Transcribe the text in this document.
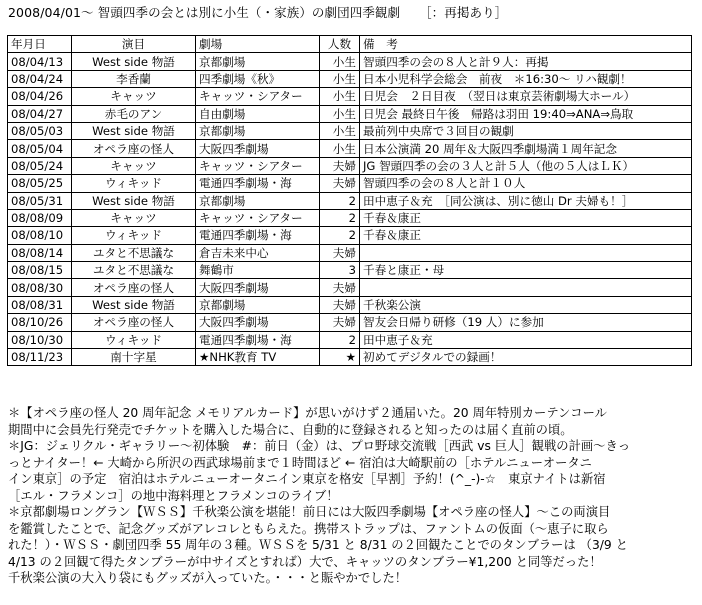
2008/04/01～ 智頭四季の会とは別に小生（・家族）の劇団四季観劇　　［：再掲あり］
年月日	演目	劇場	人数	備　考
08/04/13	West side 物語	京都劇場	小生	智頭四季の会の８人と計９人：再掲
08/04/24	李香蘭	四季劇場《秋》	小生	日本小児科学会総会　前夜　＊16:30～ リハ観劇！
08/04/26	キャッツ	キャッツ・シアター	小生	日児会　２日目夜　（翌日は東京芸術劇場大ホール）
08/04/27	赤毛のアン	自由劇場	小生	日児会 最終日午後　帰路は羽田 19:40⇒ANA⇒鳥取
08/05/03	West side 物語	京都劇場	小生	最前列中央席で３回目の観劇
08/05/04	オペラ座の怪人	大阪四季劇場	小生	日本公演満 20 周年＆大阪四季劇場満１周年記念
08/05/24	キャッツ	キャッツ・シアター	夫婦	JG 智頭四季の会の３人と計５人（他の５人はＬＫ）
08/05/25	ウィキッド	電通四季劇場・海	夫婦	智頭四季の会の８人と計１０人
08/05/31	West side 物語	京都劇場	2	田中恵子＆充　［同公演は、別に徳山 Dr 夫婦も！］
08/08/09	キャッツ	キャッツ・シアター	2	千春＆康正
08/08/10	ウィキッド	電通四季劇場・海	2	千春＆康正
08/08/14	ユタと不思議な	倉吉未来中心	夫婦	
08/08/15	ユタと不思議な	舞鶴市	3	千春と康正・母
08/08/30	オペラ座の怪人	大阪四季劇場	夫婦	
08/08/31	West side 物語	京都劇場	夫婦	千秋楽公演
08/10/26	オペラ座の怪人	大阪四季劇場	夫婦	智友会日帰り研修（19 人）に参加
08/10/30	ウィキッド	電通四季劇場・海	2	田中恵子＆充
08/11/23	南十字星	★NHK教育 TV	★	初めてデジタルでの録画！

＊【オペラ座の怪人 20 周年記念 メモリアルカード】が思いがけず２通届いた。20 周年特別カーテンコール

期間中に会員先行発売でチケットを購入した場合に、自動的に登録されると知ったのは届く直前の頃。

＊JG：ジェリクル・ギャラリー～初体験　#：前日（金）は、プロ野球交流戦［西武 vs 巨人］観戦の計画～きっ

っとナイター！← 大崎から所沢の西武球場前まで１時間ほど ← 宿泊は大崎駅前の［ホテルニューオータニ

イン東京］の予定　宿泊はホテルニューオータニイン東京を格安［早割］予約！(^_-)-☆　東京ナイトは新宿

［エル・フラメンコ］の地中海料理とフラメンコのライブ！

＊京都劇場ロングラン【ＷＳＳ】千秋楽公演を堪能！前日には大阪四季劇場【オペラ座の怪人】～この両演目

を鑑賞したことで、記念グッズがアレコレともらえた。携帯ストラップは、ファントムの仮面（～恵子に取ら

れた！）・ＷＳＳ・劇団四季 55 周年の３種。ＷＳＳを 5/31 と 8/31 の２回観たことでのタンブラーは （3/9 と

4/13 の２回観て得たタンブラーが中サイズとすれば）大で、キャッツのタンブラー¥1,200 と同等だった！

千秋楽公演の大入り袋にもグッズが入っていた。・・・と賑やかでした！
